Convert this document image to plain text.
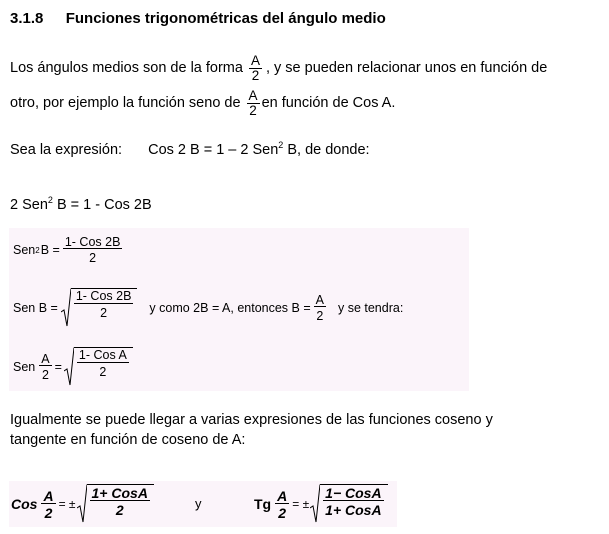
3.1.8 Funciones trigonométricas del ángulo medio
Los ángulos medios son de la forma $\frac{A}{2}$ , y se pueden relacionar unos en función de
otro, por ejemplo la función seno de $\frac{A}{2}$ en función de Cos A.
Sea la expresión: Cos 2 B = 1 – 2 Sen$^2$ B, de donde:
2 Sen$^2$ B = 1 - Cos 2B
Sen 2 $B = \frac{\text{1- Cos 2B}}{2}$
Sen $B = \frac{\text{1- Cos 2B}}{2}$ y como 2B = A, entonces $B = \frac{A}{2}$ y se tendra:
Sen $\frac{A}{2} = \frac{\text{1- Cos A}}{2}$
Igualmente se puede llegar a varias expresiones de las funciones coseno y
tangente en función de coseno de A:
Cos $\frac{A}{2}$ = ± $\frac{\text{1+ CosA}}{2}$	y	Tg $\frac{A}{2}$ = ± $\frac{\text{1− CosA}}{\text{1+ CosA}}$
